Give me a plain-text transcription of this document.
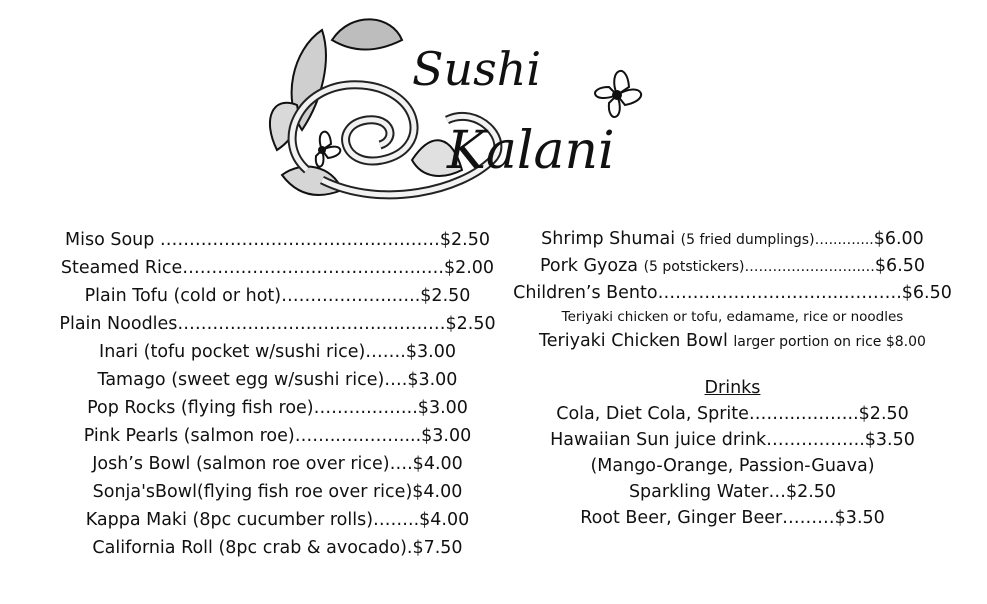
Sushi
Kalani
Miso Soup …………………………………………$2.50
Steamed Rice……………………………….….….$2.00
Plain Tofu (cold or hot)……………….…..$2.50
Plain Noodles…………………………………….…$2.50
Inari (tofu pocket w/sushi rice)…….$3.00
Tamago (sweet egg w/sushi rice)….$3.00
Pop Rocks (flying fish roe)……….……..$3.00
Pink Pearls (salmon roe)……..….……....$3.00
Josh’s Bowl (salmon roe over rice)….$4.00
Sonja'sBowl(flying fish roe over rice)$4.00
Kappa Maki (8pc cucumber rolls)……..$4.00
California Roll (8pc crab & avocado).$7.50
Shrimp Shumai (5 fried dumplings)…...…....$6.00
Pork Gyoza (5 potstickers)…………………….…$6.50
Children’s Bento…………………………..……….$6.50
Teriyaki chicken or tofu, edamame, rice or noodles
Teriyaki Chicken Bowl larger portion on rice $8.00
Drinks
Cola, Diet Cola, Sprite……..………..$2.50
Hawaiian Sun juice drink……………..$3.50
(Mango-Orange, Passion-Guava)
Sparkling Water…$2.50
Root Beer, Ginger Beer………$3.50
